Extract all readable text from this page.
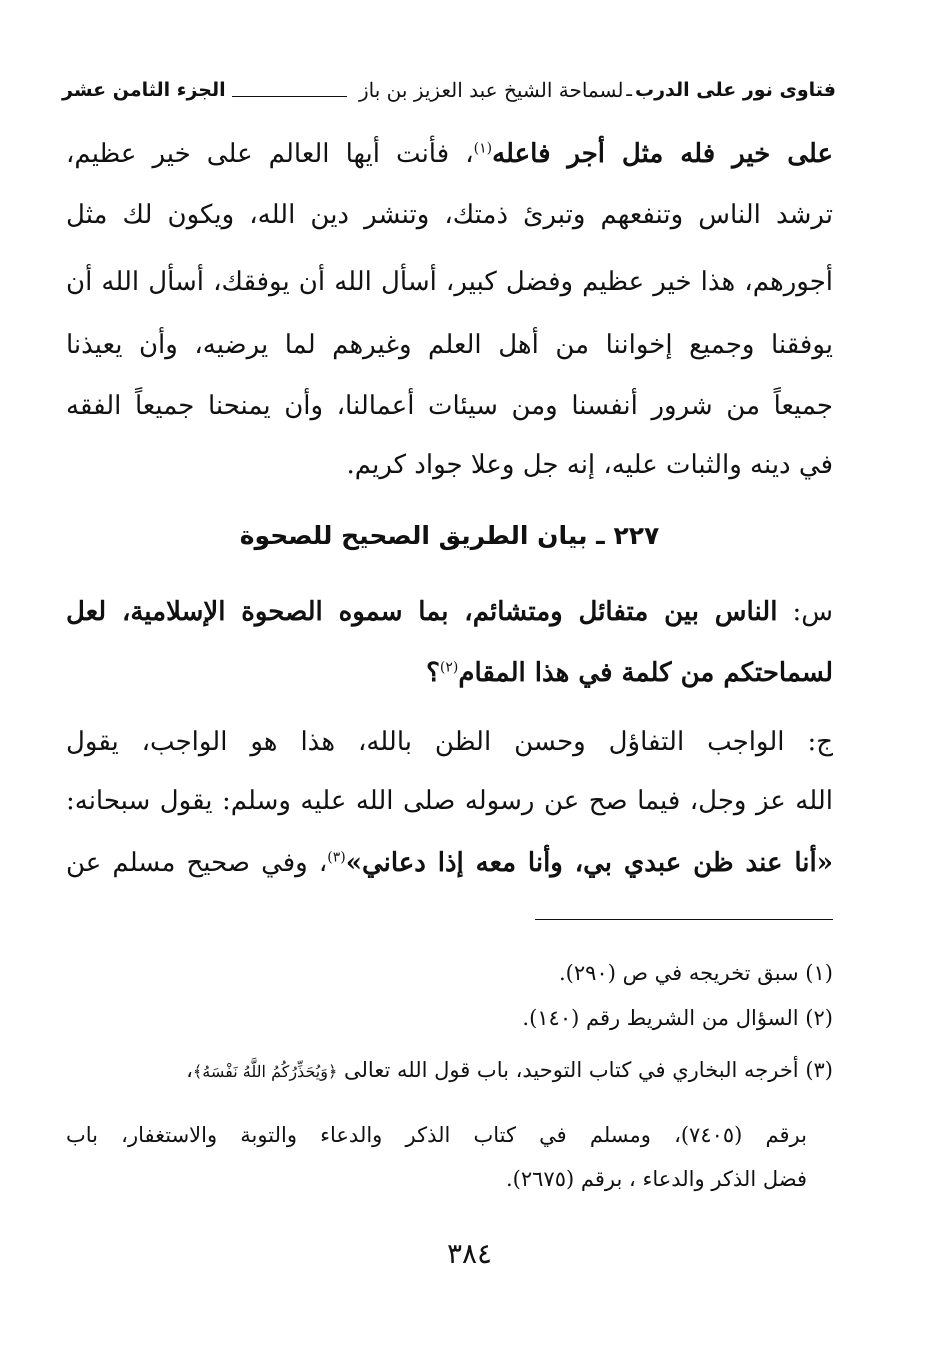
فتاوى نور على الدرب
ـ
لسماحة الشيخ عبد العزيز بن باز
الجزء الثامن عشر
على خير فله مثل أجر فاعله$^{(١)}$، فأنت أيها العالم على خير عظيم،
ترشد الناس وتنفعهم وتبرئ ذمتك، وتنشر دين الله، ويكون لك مثل
أجورهم، هذا خير عظيم وفضل كبير، أسأل الله أن يوفقك، أسأل الله أن
يوفقنا وجميع إخواننا من أهل العلم وغيرهم لما يرضيه، وأن يعيذنا
جميعاً من شرور أنفسنا ومن سيئات أعمالنا، وأن يمنحنا جميعاً الفقه
في دينه والثبات عليه، إنه جل وعلا جواد كريم.
٢٢٧ ـ بيان الطريق الصحيح للصحوة
س: الناس بين متفائل ومتشائم، بما سموه الصحوة الإسلامية، لعل
لسماحتكم من كلمة في هذا المقام$^{(٢)}$؟
ج: الواجب التفاؤل وحسن الظن بالله، هذا هو الواجب، يقول
الله عز وجل، فيما صح عن رسوله صلى الله عليه وسلم: يقول سبحانه:
«أنا عند ظن عبدي بي، وأنا معه إذا دعاني»$^{(٣)}$، وفي صحيح مسلم عن
(١) سبق تخريجه في ص (٢٩٠).
(٢) السؤال من الشريط رقم (١٤٠).
(٣) أخرجه البخاري في كتاب التوحيد، باب قول الله تعالى ﴿وَيُحَذِّرُكُمُ اللَّهُ نَفْسَهُ﴾،
برقم (٧٤٠٥)، ومسلم في كتاب الذكر والدعاء والتوبة والاستغفار، باب
فضل الذكر والدعاء ، برقم (٢٦٧٥).
٣٨٤
